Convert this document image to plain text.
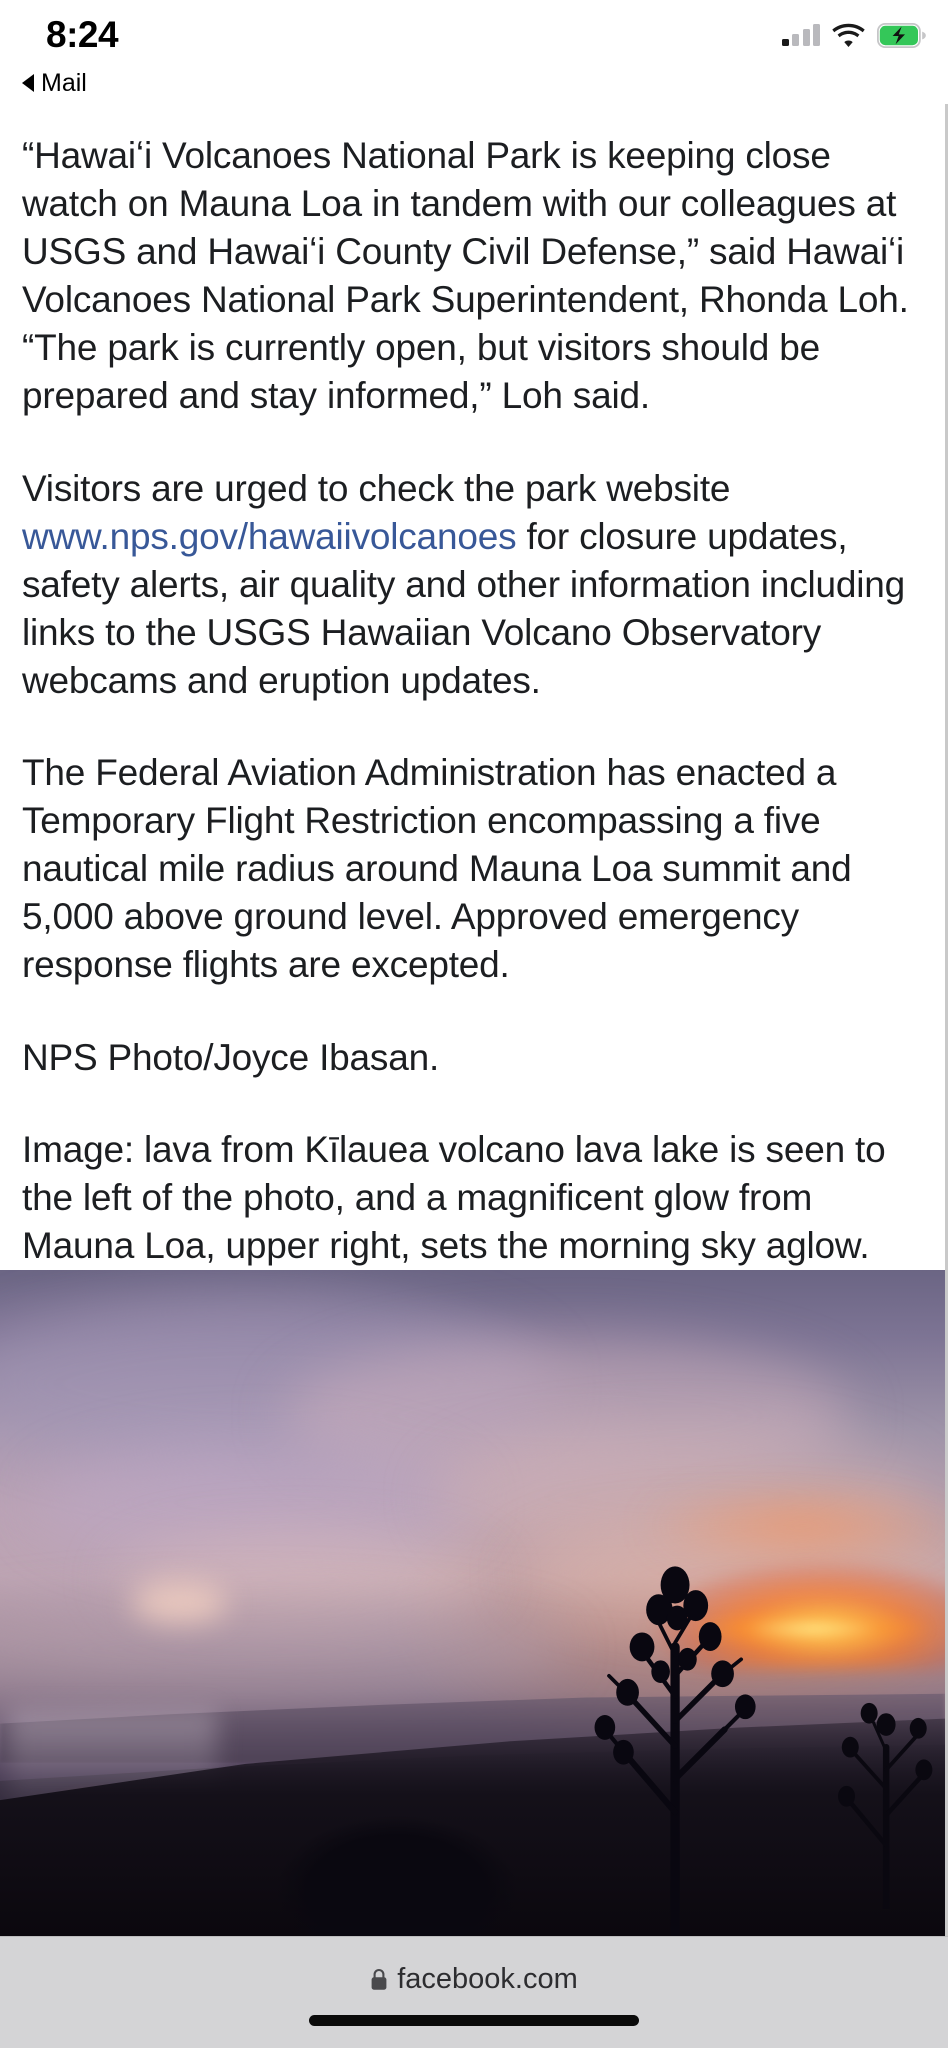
8:24
Mail

“Hawaiʻi Volcanoes National Park is keeping close watch on Mauna Loa in tandem with our colleagues at USGS and Hawaiʻi County Civil Defense,” said Hawaiʻi Volcanoes National Park Superintendent, Rhonda Loh. “The park is currently open, but visitors should be prepared and stay informed,” Loh said.

Visitors are urged to check the park website www.nps.gov/hawaiivolcanoes for closure updates, safety alerts, air quality and other information including links to the USGS Hawaiian Volcano Observatory webcams and eruption updates.

The Federal Aviation Administration has enacted a Temporary Flight Restriction encompassing a five nautical mile radius around Mauna Loa summit and 5,000 above ground level. Approved emergency response flights are excepted.

NPS Photo/Joyce Ibasan.

Image: lava from Kīlauea volcano lava lake is seen to the left of the photo, and a magnificent glow from Mauna Loa, upper right, sets the morning sky aglow.

facebook.com
